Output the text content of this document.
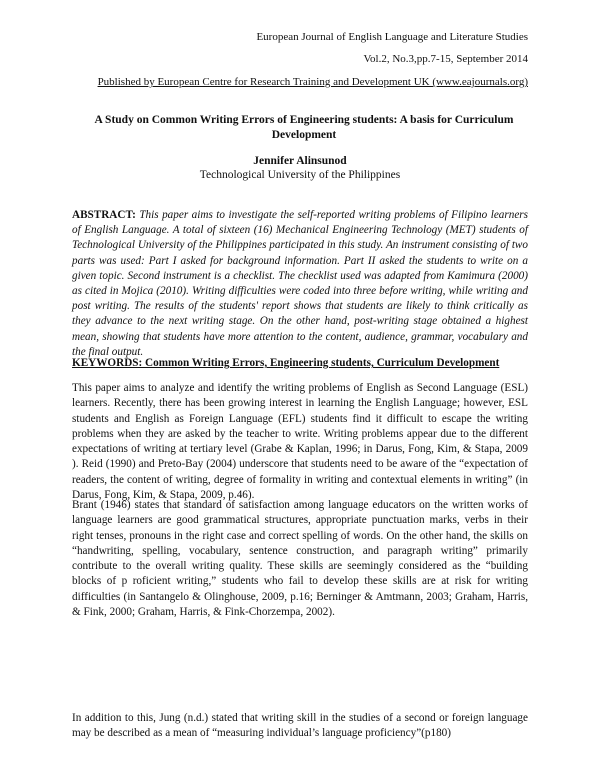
European Journal of English Language and Literature Studies
Vol.2, No.3,pp.7-15, September 2014
Published by European Centre for Research Training and Development UK (www.eajournals.org)
A Study on Common Writing Errors of Engineering students: A basis for Curriculum Development
Jennifer Alinsunod
Technological University of the Philippines
ABSTRACT: This paper aims to investigate the self-reported writing problems of Filipino learners of English Language. A total of sixteen (16) Mechanical Engineering Technology (MET) students of Technological University of the Philippines participated in this study. An instrument consisting of two parts was used: Part I asked for background information. Part II asked the students to write on a given topic. Second instrument is a checklist. The checklist used was adapted from Kamimura (2000) as cited in Mojica (2010). Writing difficulties were coded into three before writing, while writing and post writing. The results of the students' report shows that students are likely to think critically as they advance to the next writing stage. On the other hand, post-writing stage obtained a highest mean, showing that students have more attention to the content, audience, grammar, vocabulary and the final output.
KEYWORDS: Common Writing Errors, Engineering students, Curriculum Development

This paper aims to analyze and identify the writing problems of English as Second Language (ESL) learners. Recently, there has been growing interest in learning the English Language; however, ESL students and English as Foreign Language (EFL) students find it difficult to escape the writing problems when they are asked by the teacher to write. Writing problems appear due to the different expectations of writing at tertiary level (Grabe & Kaplan, 1996; in Darus, Fong, Kim, & Stapa, 2009 ). Reid (1990) and Preto-Bay (2004) underscore that students need to be aware of the “expectation of readers, the content of writing, degree of formality in writing and contextual elements in writing” (in Darus, Fong, Kim, & Stapa, 2009, p.46).

Brant (1946) states that standard of satisfaction among language educators on the written works of language learners are good grammatical structures, appropriate punctuation marks, verbs in their right tenses, pronouns in the right case and correct spelling of words. On the other hand, the skills on “handwriting, spelling, vocabulary, sentence construction, and paragraph writing” primarily contribute to the overall writing quality. These skills are seemingly considered as the “building blocks of p roficient writing,” students who fail to develop these skills are at risk for writing difficulties (in Santangelo & Olinghouse, 2009, p.16; Berninger & Amtmann, 2003; Graham, Harris, & Fink, 2000; Graham, Harris, & Fink-Chorzempa, 2002).

In addition to this, Jung (n.d.) stated that writing skill in the studies of a second or foreign language may be described as a mean of “measuring individual’s language proficiency”(p180)
